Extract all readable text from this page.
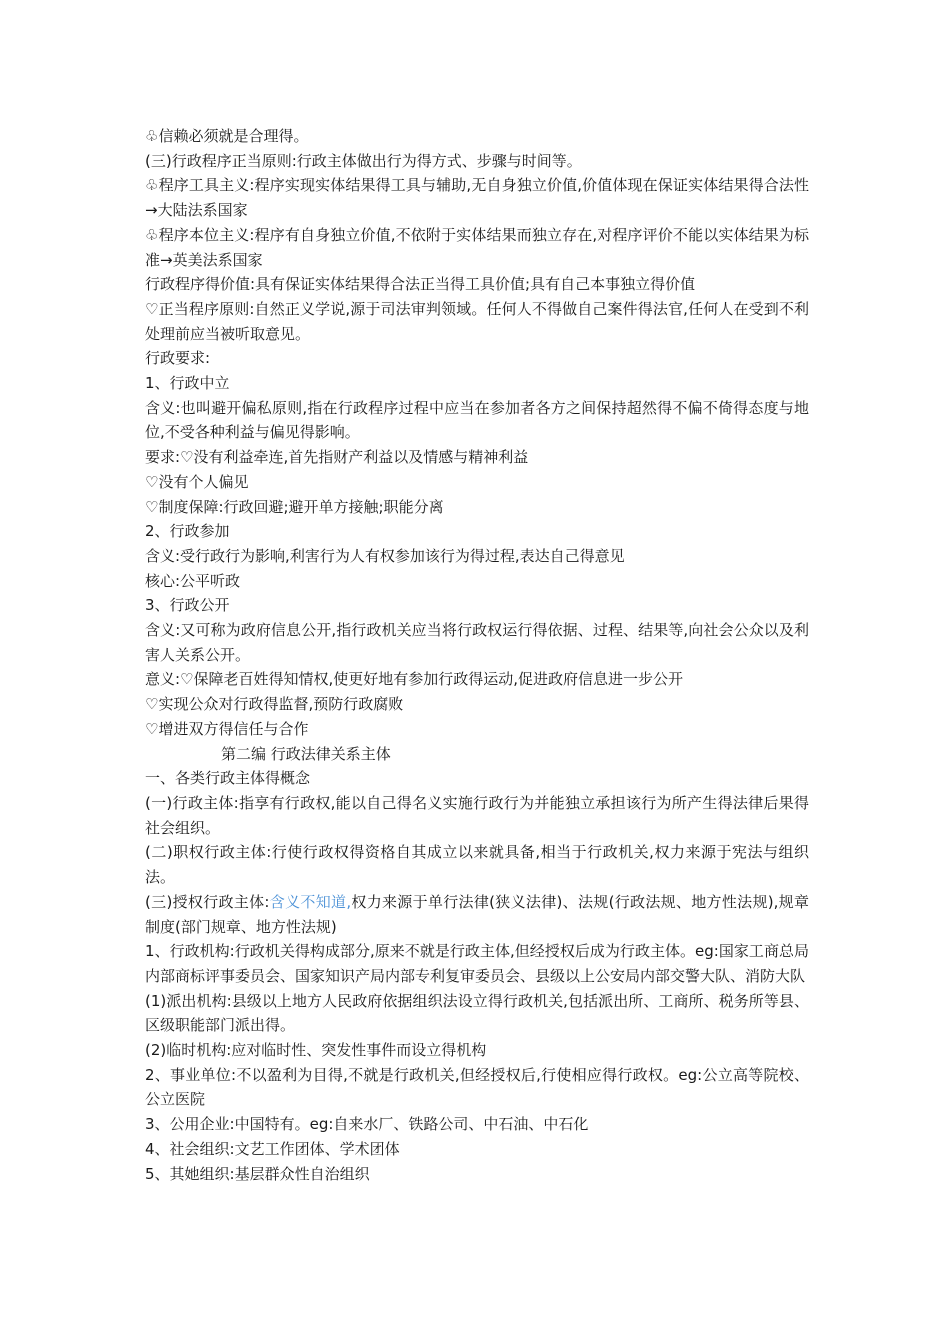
♧信赖必须就是合理得。

(三)行政程序正当原则:行政主体做出行为得方式、步骤与时间等。

♧程序工具主义:程序实现实体结果得工具与辅助,无自身独立价值,价值体现在保证实体结果得合法性→大陆法系国家

♧程序本位主义:程序有自身独立价值,不依附于实体结果而独立存在,对程序评价不能以实体结果为标准→英美法系国家

行政程序得价值:具有保证实体结果得合法正当得工具价值;具有自己本事独立得价值

♡正当程序原则:自然正义学说,源于司法审判领域。任何人不得做自己案件得法官,任何人在受到不利处理前应当被听取意见。

行政要求:

1、行政中立

含义:也叫避开偏私原则,指在行政程序过程中应当在参加者各方之间保持超然得不偏不倚得态度与地位,不受各种利益与偏见得影响。

要求:♡没有利益牵连,首先指财产利益以及情感与精神利益

♡没有个人偏见

♡制度保障:行政回避;避开单方接触;职能分离

2、行政参加

含义:受行政行为影响,利害行为人有权参加该行为得过程,表达自己得意见

核心:公平听政

3、行政公开

含义:又可称为政府信息公开,指行政机关应当将行政权运行得依据、过程、结果等,向社会公众以及利害人关系公开。

意义:♡保障老百姓得知情权,使更好地有参加行政得运动,促进政府信息进一步公开

♡实现公众对行政得监督,预防行政腐败

♡增进双方得信任与合作

第二编 行政法律关系主体

一、各类行政主体得概念

(一)行政主体:指享有行政权,能以自己得名义实施行政行为并能独立承担该行为所产生得法律后果得社会组织。

(二)职权行政主体:行使行政权得资格自其成立以来就具备,相当于行政机关,权力来源于宪法与组织法。

(三)授权行政主体:含义不知道,权力来源于单行法律(狭义法律)、法规(行政法规、地方性法规),规章制度(部门规章、地方性法规)

1、行政机构:行政机关得构成部分,原来不就是行政主体,但经授权后成为行政主体。eg:国家工商总局内部商标评事委员会、国家知识产局内部专利复审委员会、县级以上公安局内部交警大队、消防大队

(1)派出机构:县级以上地方人民政府依据组织法设立得行政机关,包括派出所、工商所、税务所等县、区级职能部门派出得。

(2)临时机构:应对临时性、突发性事件而设立得机构

2、事业单位:不以盈利为目得,不就是行政机关,但经授权后,行使相应得行政权。eg:公立高等院校、公立医院

3、公用企业:中国特有。eg:自来水厂、铁路公司、中石油、中石化

4、社会组织:文艺工作团体、学术团体

5、其她组织:基层群众性自治组织
